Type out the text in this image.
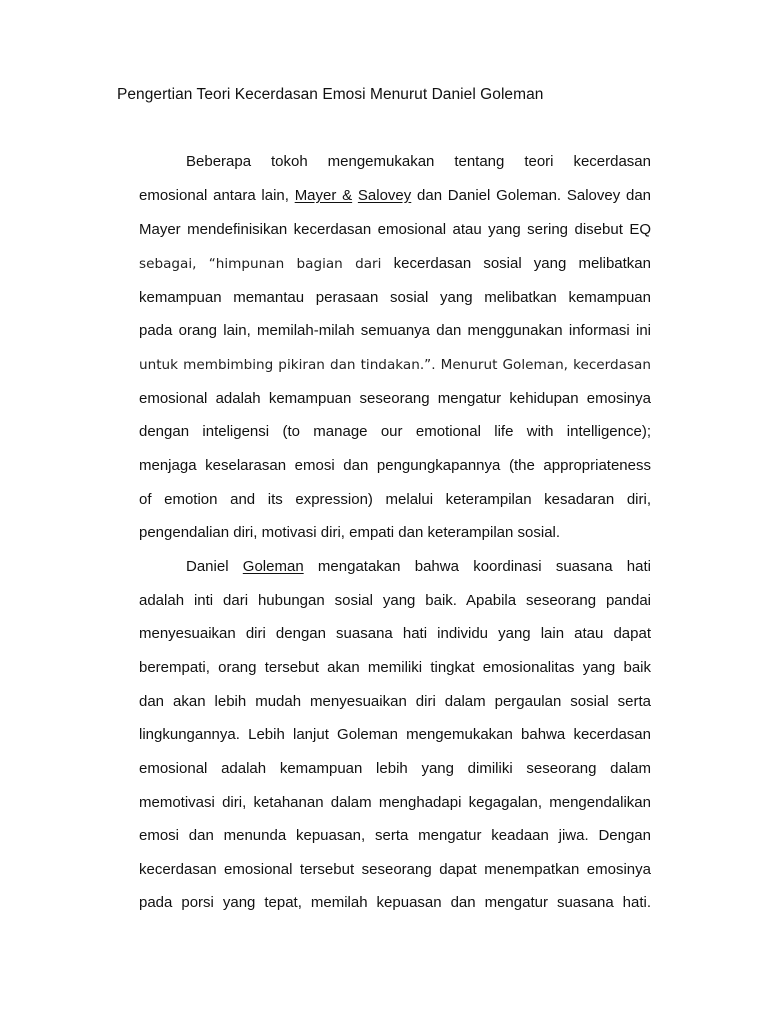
Pengertian Teori Kecerdasan Emosi Menurut Daniel Goleman
Beberapa tokoh mengemukakan tentang teori kecerdasan
emosional antara lain, Mayer & Salovey dan Daniel Goleman. Salovey dan
Mayer mendefinisikan kecerdasan emosional atau yang sering disebut EQ
sebagai, “himpunan bagian dari kecerdasan sosial yang melibatkan
kemampuan memantau perasaan sosial yang melibatkan kemampuan
pada orang lain, memilah-milah semuanya dan menggunakan informasi ini
untuk membimbing pikiran dan tindakan.”. Menurut Goleman, kecerdasan
emosional adalah kemampuan seseorang mengatur kehidupan emosinya
dengan inteligensi (to manage our emotional life with intelligence);
menjaga keselarasan emosi dan pengungkapannya (the appropriateness
of emotion and its expression) melalui keterampilan kesadaran diri,
pengendalian diri, motivasi diri, empati dan keterampilan sosial.
Daniel Goleman mengatakan bahwa koordinasi suasana hati
adalah inti dari hubungan sosial yang baik. Apabila seseorang pandai
menyesuaikan diri dengan suasana hati individu yang lain atau dapat
berempati, orang tersebut akan memiliki tingkat emosionalitas yang baik
dan akan lebih mudah menyesuaikan diri dalam pergaulan sosial serta
lingkungannya. Lebih lanjut Goleman mengemukakan bahwa kecerdasan
emosional adalah kemampuan lebih yang dimiliki seseorang dalam
memotivasi diri, ketahanan dalam menghadapi kegagalan, mengendalikan
emosi dan menunda kepuasan, serta mengatur keadaan jiwa. Dengan
kecerdasan emosional tersebut seseorang dapat menempatkan emosinya
pada porsi yang tepat, memilah kepuasan dan mengatur suasana hati.
